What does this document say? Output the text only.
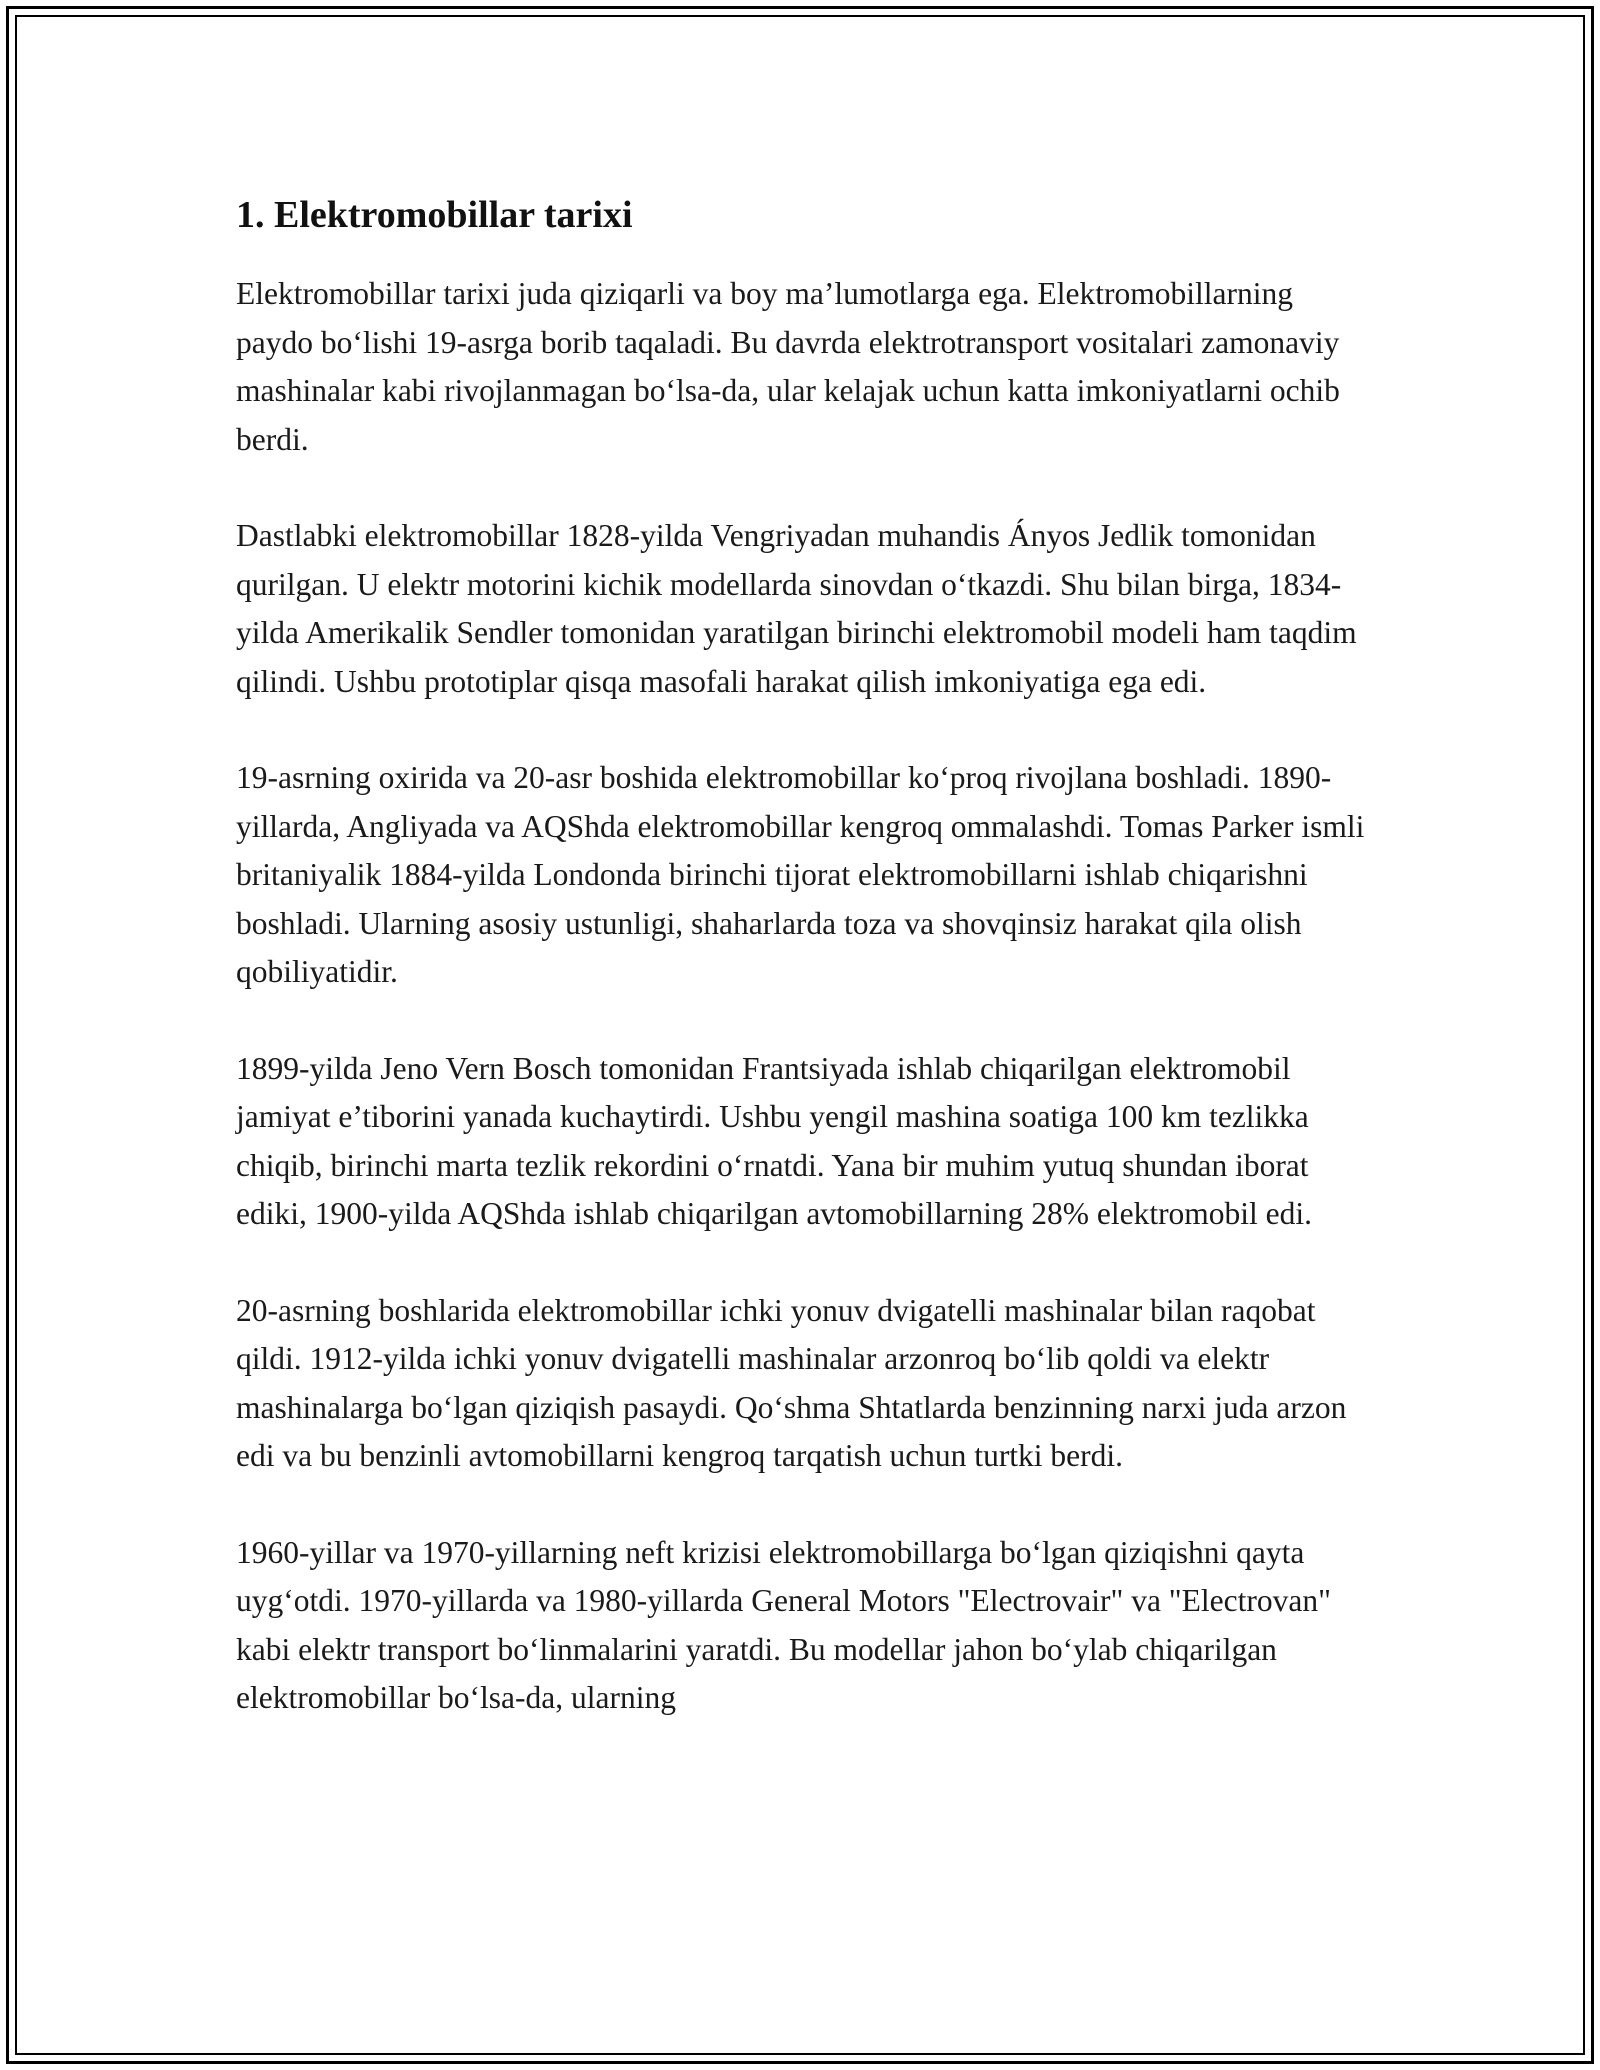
1. Elektromobillar tarixi

Elektromobillar tarixi juda qiziqarli va boy ma’lumotlarga ega. Elektromobillarning paydo bo‘lishi 19-asrga borib taqaladi. Bu davrda elektrotransport vositalari zamonaviy mashinalar kabi rivojlanmagan bo‘lsa-da, ular kelajak uchun katta imkoniyatlarni ochib berdi.

Dastlabki elektromobillar 1828-yilda Vengriyadan muhandis Ányos Jedlik tomonidan qurilgan. U elektr motorini kichik modellarda sinovdan o‘tkazdi. Shu bilan birga, 1834-yilda Amerikalik Sendler tomonidan yaratilgan birinchi elektromobil modeli ham taqdim qilindi. Ushbu prototiplar qisqa masofali harakat qilish imkoniyatiga ega edi.

19-asrning oxirida va 20-asr boshida elektromobillar ko‘proq rivojlana boshladi. 1890-yillarda, Angliyada va AQShda elektromobillar kengroq ommalashdi. Tomas Parker ismli britaniyalik 1884-yilda Londonda birinchi tijorat elektromobillarni ishlab chiqarishni boshladi. Ularning asosiy ustunligi, shaharlarda toza va shovqinsiz harakat qila olish qobiliyatidir.

1899-yilda Jeno Vern Bosch tomonidan Frantsiyada ishlab chiqarilgan elektromobil jamiyat e’tiborini yanada kuchaytirdi. Ushbu yengil mashina soatiga 100 km tezlikka chiqib, birinchi marta tezlik rekordini o‘rnatdi. Yana bir muhim yutuq shundan iborat ediki, 1900-yilda AQShda ishlab chiqarilgan avtomobillarning 28% elektromobil edi.

20-asrning boshlarida elektromobillar ichki yonuv dvigatelli mashinalar bilan raqobat qildi. 1912-yilda ichki yonuv dvigatelli mashinalar arzonroq bo‘lib qoldi va elektr mashinalarga bo‘lgan qiziqish pasaydi. Qo‘shma Shtatlarda benzinning narxi juda arzon edi va bu benzinli avtomobillarni kengroq tarqatish uchun turtki berdi.

1960-yillar va 1970-yillarning neft krizisi elektromobillarga bo‘lgan qiziqishni qayta uyg‘otdi. 1970-yillarda va 1980-yillarda General Motors "Electrovair" va "Electrovan" kabi elektr transport bo‘linmalarini yaratdi. Bu modellar jahon bo‘ylab chiqarilgan elektromobillar bo‘lsa-da, ularning
